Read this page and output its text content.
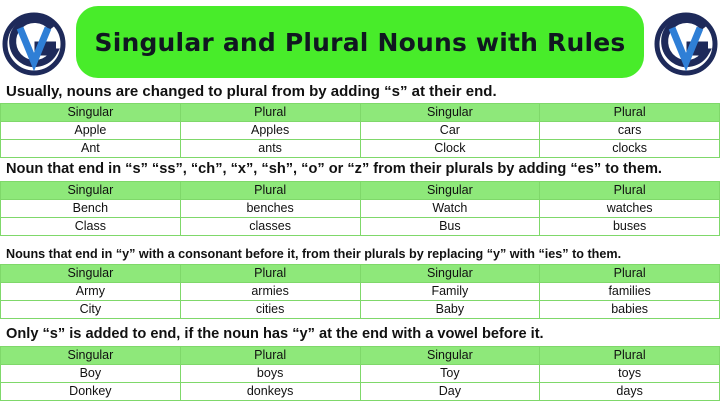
Singular and Plural Nouns with Rules
Usually, nouns are changed to plural from by adding “s” at their end.
Singular	Plural	Singular	Plural
Apple	Apples	Car	cars
Ant	ants	Clock	clocks
Noun that end in “s” “ss”, “ch”, “x”, “sh”, “o” or “z” from their plurals by adding “es” to them.
Singular	Plural	Singular	Plural
Bench	benches	Watch	watches
Class	classes	Bus	buses
Nouns that end in “y” with a consonant before it, from their plurals by replacing “y” with “ies” to them.
Singular	Plural	Singular	Plural
Army	armies	Family	families
City	cities	Baby	babies
Only “s” is added to end, if the noun has “y” at the end with a vowel before it.
Singular	Plural	Singular	Plural
Boy	boys	Toy	toys
Donkey	donkeys	Day	days
